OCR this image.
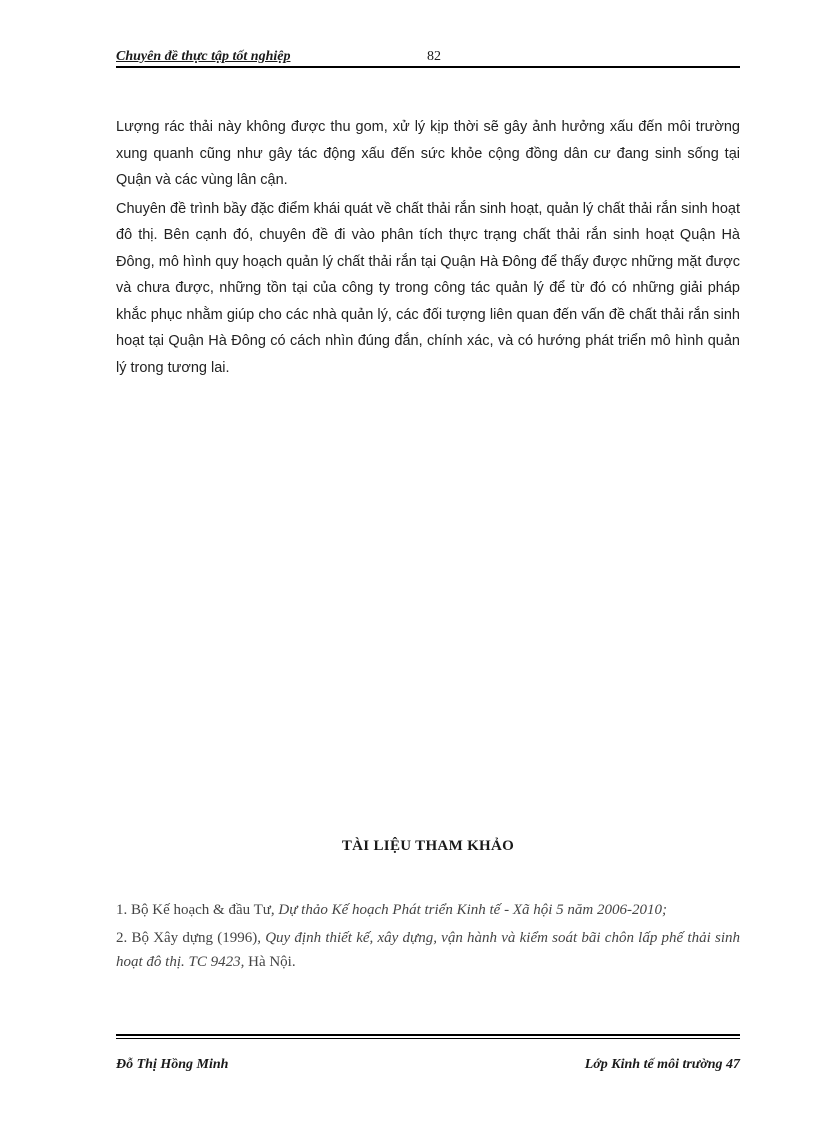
Chuyên đề thực tập tốt nghiệp	82

Lượng rác thải này không được thu gom, xử lý kịp thời sẽ gây ảnh hưởng xấu đến môi trường xung quanh cũng như gây tác động xấu đến sức khỏe cộng đồng dân cư đang sinh sống tại Quận và các vùng lân cận.

Chuyên đề trình bầy đặc điểm khái quát về chất thải rắn sinh hoạt, quản lý chất thải rắn sinh hoạt đô thị. Bên cạnh đó, chuyên đề đi vào phân tích thực trạng chất thải rắn sinh hoạt Quận Hà Đông, mô hình quy hoạch quản lý chất thải rắn tại Quận Hà Đông để thấy được những mặt được và chưa được, những tồn tại của công ty trong công tác quản lý để từ đó có những giải pháp khắc phục nhằm giúp cho các nhà quản lý, các đối tượng liên quan đến vấn đề chất thải rắn sinh hoạt tại Quận Hà Đông có cách nhìn đúng đắn, chính xác, và có hướng phát triển mô hình quản lý trong tương lai.

TÀI LIỆU THAM KHẢO

1. Bộ Kế hoạch & đầu Tư, Dự thảo Kế hoạch Phát triển Kinh tế - Xã hội 5 năm 2006-2010;

2. Bộ Xây dựng (1996), Quy định thiết kế, xây dựng, vận hành và kiểm soát bãi chôn lấp phế thải sinh hoạt đô thị. TC 9423, Hà Nội.

Đỗ Thị Hồng Minh	Lớp Kinh tế môi trường 47
